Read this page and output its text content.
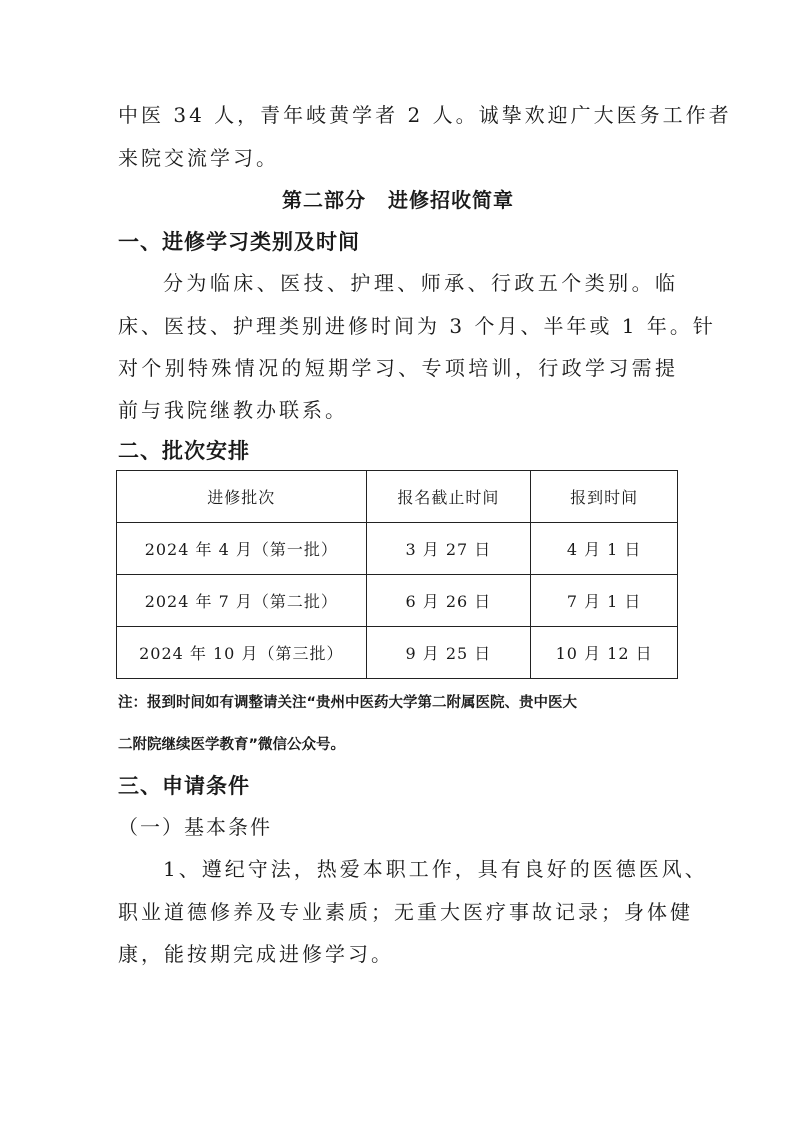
中医 34 人，青年岐黄学者 2 人。诚挚欢迎广大医务工作者
来院交流学习。
第二部分 进修招收简章
一、进修学习类别及时间
分为临床、医技、护理、师承、行政五个类别。临
床、医技、护理类别进修时间为 3 个月、半年或 1 年。针
对个别特殊情况的短期学习、专项培训，行政学习需提
前与我院继教办联系。
二、批次安排
进修批次	报名截止时间	报到时间
2024 年 4 月（第一批）	3 月 27 日	4 月 1 日
2024 年 7 月（第二批）	6 月 26 日	7 月 1 日
2024 年 10 月（第三批）	9 月 25 日	10 月 12 日
注：报到时间如有调整请关注“贵州中医药大学第二附属医院、贵中医大
二附院继续医学教育”微信公众号。
三、申请条件
（一）基本条件
1、遵纪守法，热爱本职工作，具有良好的医德医风、
职业道德修养及专业素质；无重大医疗事故记录；身体健
康，能按期完成进修学习。
